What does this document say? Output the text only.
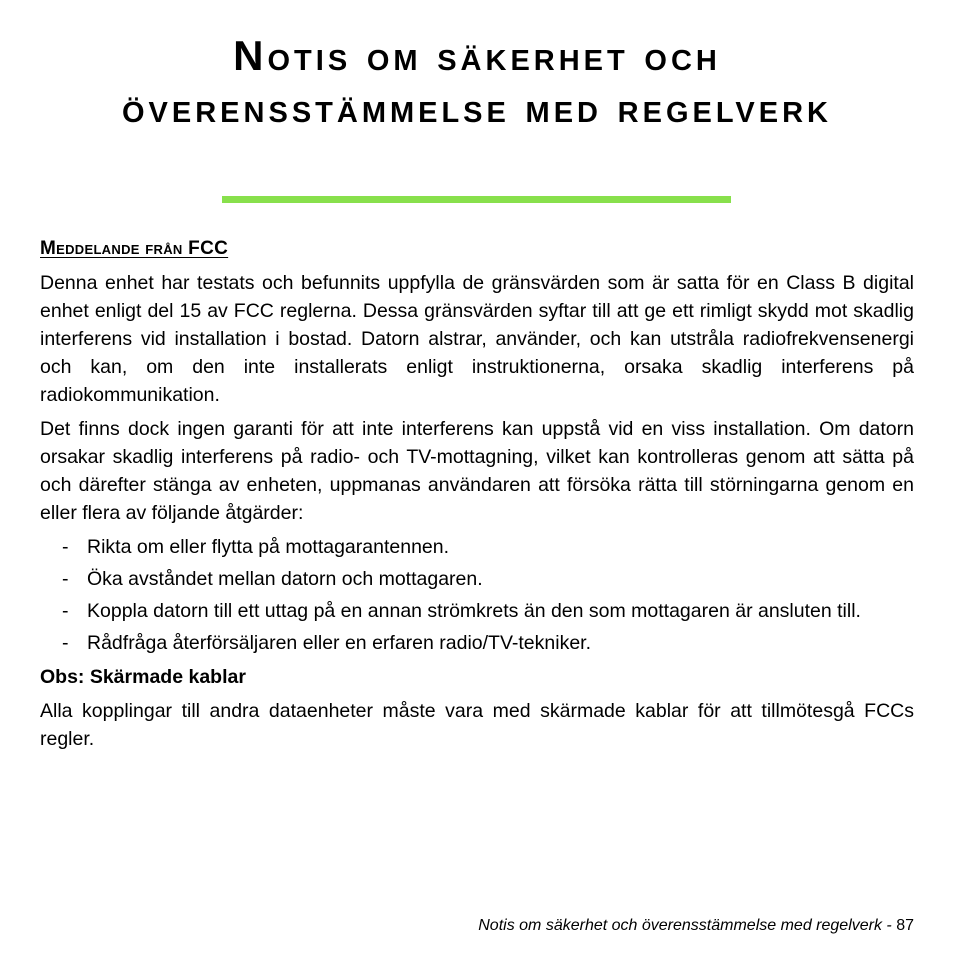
Notis om säkerhet och överensstämmelse med regelverk
Meddelande från FCC

Denna enhet har testats och befunnits uppfylla de gränsvärden som är satta för en Class B digital enhet enligt del 15 av FCC reglerna. Dessa gränsvärden syftar till att ge ett rimligt skydd mot skadlig interferens vid installation i bostad. Datorn alstrar, använder, och kan utstråla radiofrekvensenergi och kan, om den inte installerats enligt instruktionerna, orsaka skadlig interferens på radiokommunikation.

Det finns dock ingen garanti för att inte interferens kan uppstå vid en viss installation. Om datorn orsakar skadlig interferens på radio- och TV-mottagning, vilket kan kontrolleras genom att sätta på och därefter stänga av enheten, uppmanas användaren att försöka rätta till störningarna genom en eller flera av följande åtgärder:

- Rikta om eller flytta på mottagarantennen.
- Öka avståndet mellan datorn och mottagaren.
- Koppla datorn till ett uttag på en annan strömkrets än den som mottagaren är ansluten till.
- Rådfråga återförsäljaren eller en erfaren radio/TV-tekniker.

Obs: Skärmade kablar

Alla kopplingar till andra dataenheter måste vara med skärmade kablar för att tillmötesgå FCCs regler.

Notis om säkerhet och överensstämmelse med regelverk - 87
